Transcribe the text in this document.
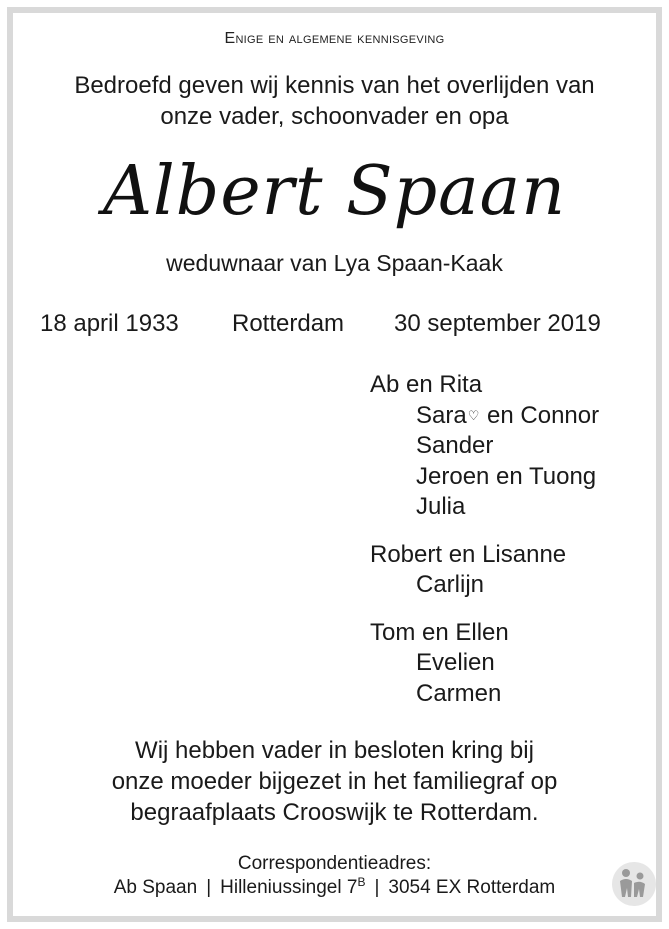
Enige en algemene kennisgeving
Bedroefd geven wij kennis van het overlijden van
onze vader, schoonvader en opa
Albert Spaan
weduwnaar van Lya Spaan-Kaak
18 april 1933 Rotterdam 30 september 2019
Ab en Rita
Sara♡ en Connor
Sander
Jeroen en Tuong
Julia
Robert en Lisanne
Carlijn
Tom en Ellen
Evelien
Carmen
Wij hebben vader in besloten kring bij
onze moeder bijgezet in het familiegraf op
begraafplaats Crooswijk te Rotterdam.
Correspondentieadres:
Ab Spaan | Hilleniussingel $7^B$ | 3054 EX Rotterdam
